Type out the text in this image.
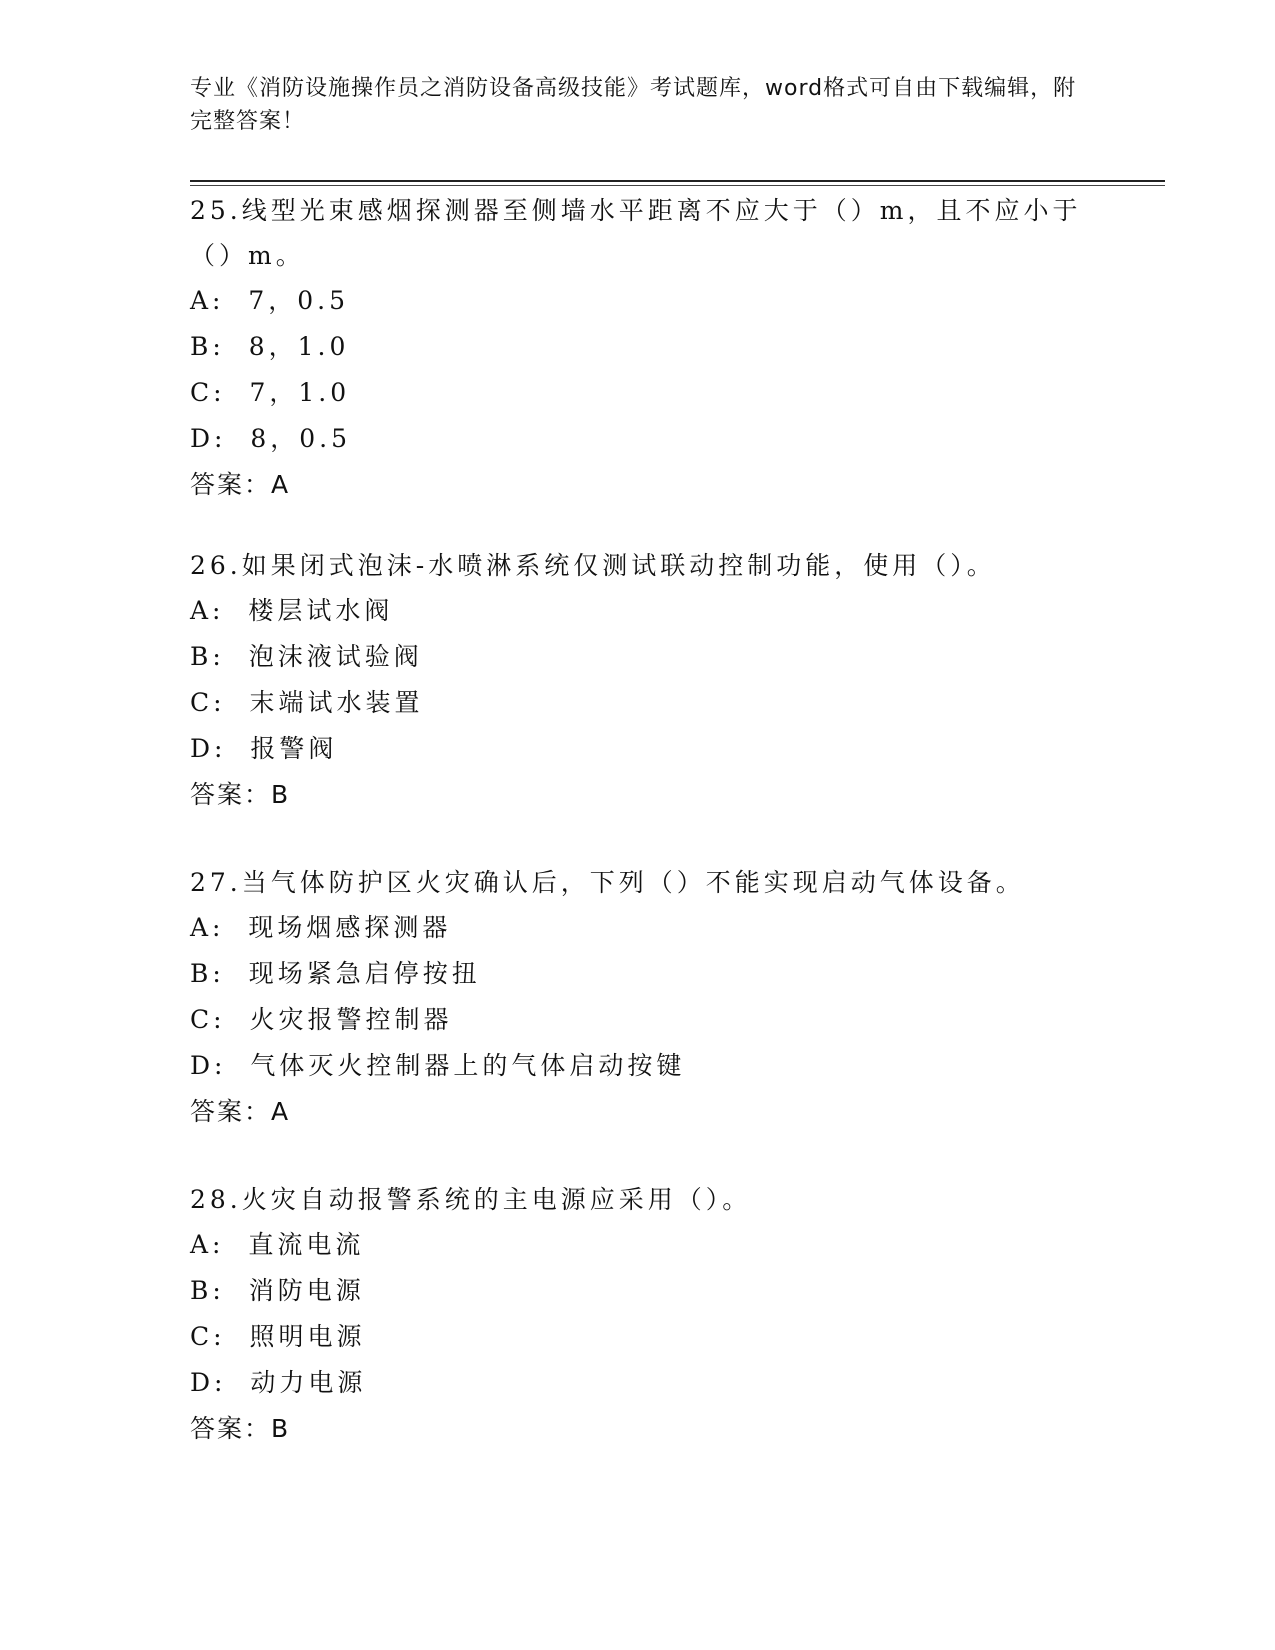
专业《消防设施操作员之消防设备高级技能》考试题库，word格式可自由下载编辑，附完整答案！

25.线型光束感烟探测器至侧墙水平距离不应大于（）m，且不应小于（）m。

A:  7，0.5

B:  8，1.0

C:  7，1.0

D:  8，0.5

答案：A

26.如果闭式泡沫-水喷淋系统仅测试联动控制功能，使用（）。

A:  楼层试水阀

B:  泡沫液试验阀

C:  末端试水装置

D:  报警阀

答案：B

27.当气体防护区火灾确认后，下列（）不能实现启动气体设备。

A:  现场烟感探测器

B:  现场紧急启停按扭

C:  火灾报警控制器

D:  气体灭火控制器上的气体启动按键

答案：A

28.火灾自动报警系统的主电源应采用（）。

A:  直流电流

B:  消防电源

C:  照明电源

D:  动力电源

答案：B
